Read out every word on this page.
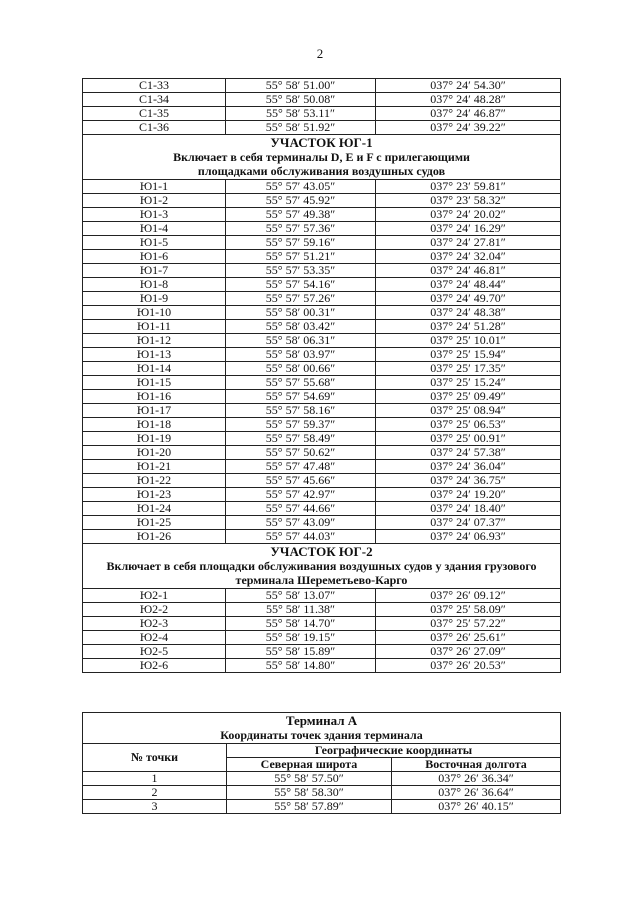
2
С1-33	55° 58′ 51.00″	037° 24′ 54.30″
С1-34	55° 58′ 50.08″	037° 24′ 48.28″
С1-35	55° 58′ 53.11″	037° 24′ 46.87″
С1-36	55° 58′ 51.92″	037° 24′ 39.22″

УЧАСТОК ЮГ-1
Включает в себя терминалы D, E и F с прилегающими
площадками обслуживания воздушных судов		

Ю1-1	55° 57′ 43.05″	037° 23′ 59.81″
Ю1-2	55° 57′ 45.92″	037° 23′ 58.32″
Ю1-3	55° 57′ 49.38″	037° 24′ 20.02″
Ю1-4	55° 57′ 57.36″	037° 24′ 16.29″
Ю1-5	55° 57′ 59.16″	037° 24′ 27.81″
Ю1-6	55° 57′ 51.21″	037° 24′ 32.04″
Ю1-7	55° 57′ 53.35″	037° 24′ 46.81″
Ю1-8	55° 57′ 54.16″	037° 24′ 48.44″
Ю1-9	55° 57′ 57.26″	037° 24′ 49.70″
Ю1-10	55° 58′ 00.31″	037° 24′ 48.38″
Ю1-11	55° 58′ 03.42″	037° 24′ 51.28″
Ю1-12	55° 58′ 06.31″	037° 25′ 10.01″
Ю1-13	55° 58′ 03.97″	037° 25′ 15.94″
Ю1-14	55° 58′ 00.66″	037° 25′ 17.35″
Ю1-15	55° 57′ 55.68″	037° 25′ 15.24″
Ю1-16	55° 57′ 54.69″	037° 25′ 09.49″
Ю1-17	55° 57′ 58.16″	037° 25′ 08.94″
Ю1-18	55° 57′ 59.37″	037° 25′ 06.53″
Ю1-19	55° 57′ 58.49″	037° 25′ 00.91″
Ю1-20	55° 57′ 50.62″	037° 24′ 57.38″
Ю1-21	55° 57′ 47.48″	037° 24′ 36.04″
Ю1-22	55° 57′ 45.66″	037° 24′ 36.75″
Ю1-23	55° 57′ 42.97″	037° 24′ 19.20″
Ю1-24	55° 57′ 44.66″	037° 24′ 18.40″
Ю1-25	55° 57′ 43.09″	037° 24′ 07.37″
Ю1-26	55° 57′ 44.03″	037° 24′ 06.93″

УЧАСТОК ЮГ-2
Включает в себя площадки обслуживания воздушных судов у здания грузового
терминала Шереметьево-Карго		

Ю2-1	55° 58′ 13.07″	037° 26′ 09.12″
Ю2-2	55° 58′ 11.38″	037° 25′ 58.09″
Ю2-3	55° 58′ 14.70″	037° 25′ 57.22″
Ю2-4	55° 58′ 19.15″	037° 26′ 25.61″
Ю2-5	55° 58′ 15.89″	037° 26′ 27.09″
Ю2-6	55° 58′ 14.80″	037° 26′ 20.53″
Терминал А
Координаты точек здания терминала		

№ точки	Географические координаты	
	Северная широта	Восточная долгота
1	55° 58′ 57.50″	037° 26′ 36.34″
2	55° 58′ 58.30″	037° 26′ 36.64″
3	55° 58′ 57.89″	037° 26′ 40.15″
